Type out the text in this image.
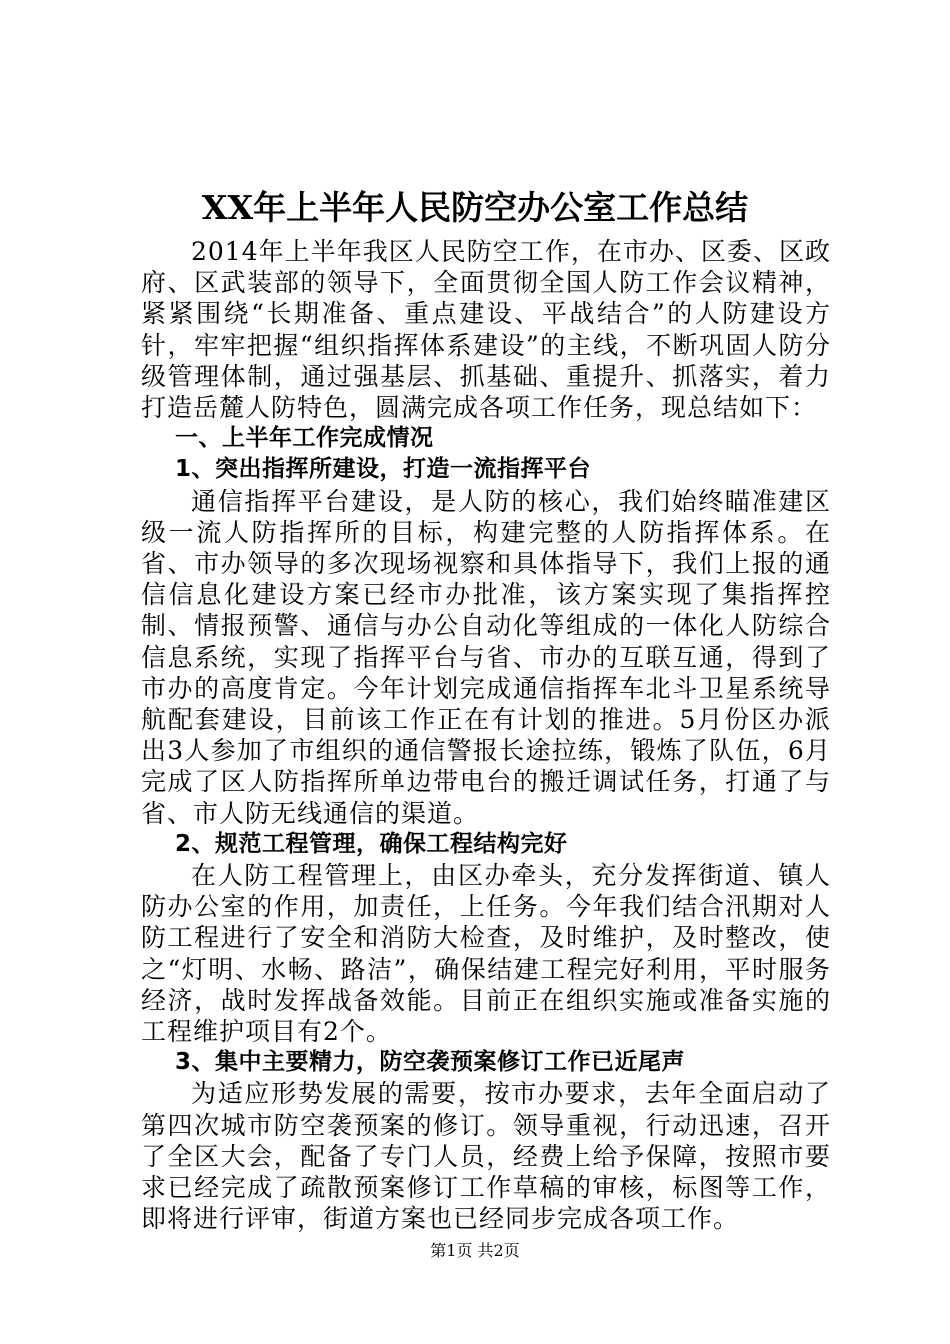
XX年上半年人民防空办公室工作总结

2014年上半年我区人民防空工作，在市办、区委、区政府、区武装部的领导下，全面贯彻全国人防工作会议精神，紧紧围绕“长期准备、重点建设、平战结合”的人防建设方针，牢牢把握“组织指挥体系建设”的主线，不断巩固人防分级管理体制，通过强基层、抓基础、重提升、抓落实，着力打造岳麓人防特色，圆满完成各项工作任务，现总结如下：

一、上半年工作完成情况
1、突出指挥所建设，打造一流指挥平台

通信指挥平台建设，是人防的核心，我们始终瞄准建区级一流人防指挥所的目标，构建完整的人防指挥体系。在省、市办领导的多次现场视察和具体指导下，我们上报的通信信息化建设方案已经市办批准，该方案实现了集指挥控制、情报预警、通信与办公自动化等组成的一体化人防综合信息系统，实现了指挥平台与省、市办的互联互通，得到了市办的高度肯定。今年计划完成通信指挥车北斗卫星系统导航配套建设，目前该工作正在有计划的推进。5月份区办派出3人参加了市组织的通信警报长途拉练，锻炼了队伍，6月完成了区人防指挥所单边带电台的搬迁调试任务，打通了与省、市人防无线通信的渠道。

2、规范工程管理，确保工程结构完好

在人防工程管理上，由区办牵头，充分发挥街道、镇人防办公室的作用，加责任，上任务。今年我们结合汛期对人防工程进行了安全和消防大检查，及时维护，及时整改，使之“灯明、水畅、路洁”，确保结建工程完好利用，平时服务经济，战时发挥战备效能。目前正在组织实施或准备实施的工程维护项目有2个。

3、集中主要精力，防空袭预案修订工作已近尾声

为适应形势发展的需要，按市办要求，去年全面启动了第四次城市防空袭预案的修订。领导重视，行动迅速，召开了全区大会，配备了专门人员，经费上给予保障，按照市要求已经完成了疏散预案修订工作草稿的审核，标图等工作，即将进行评审，街道方案也已经同步完成各项工作。

第1页 共2页
